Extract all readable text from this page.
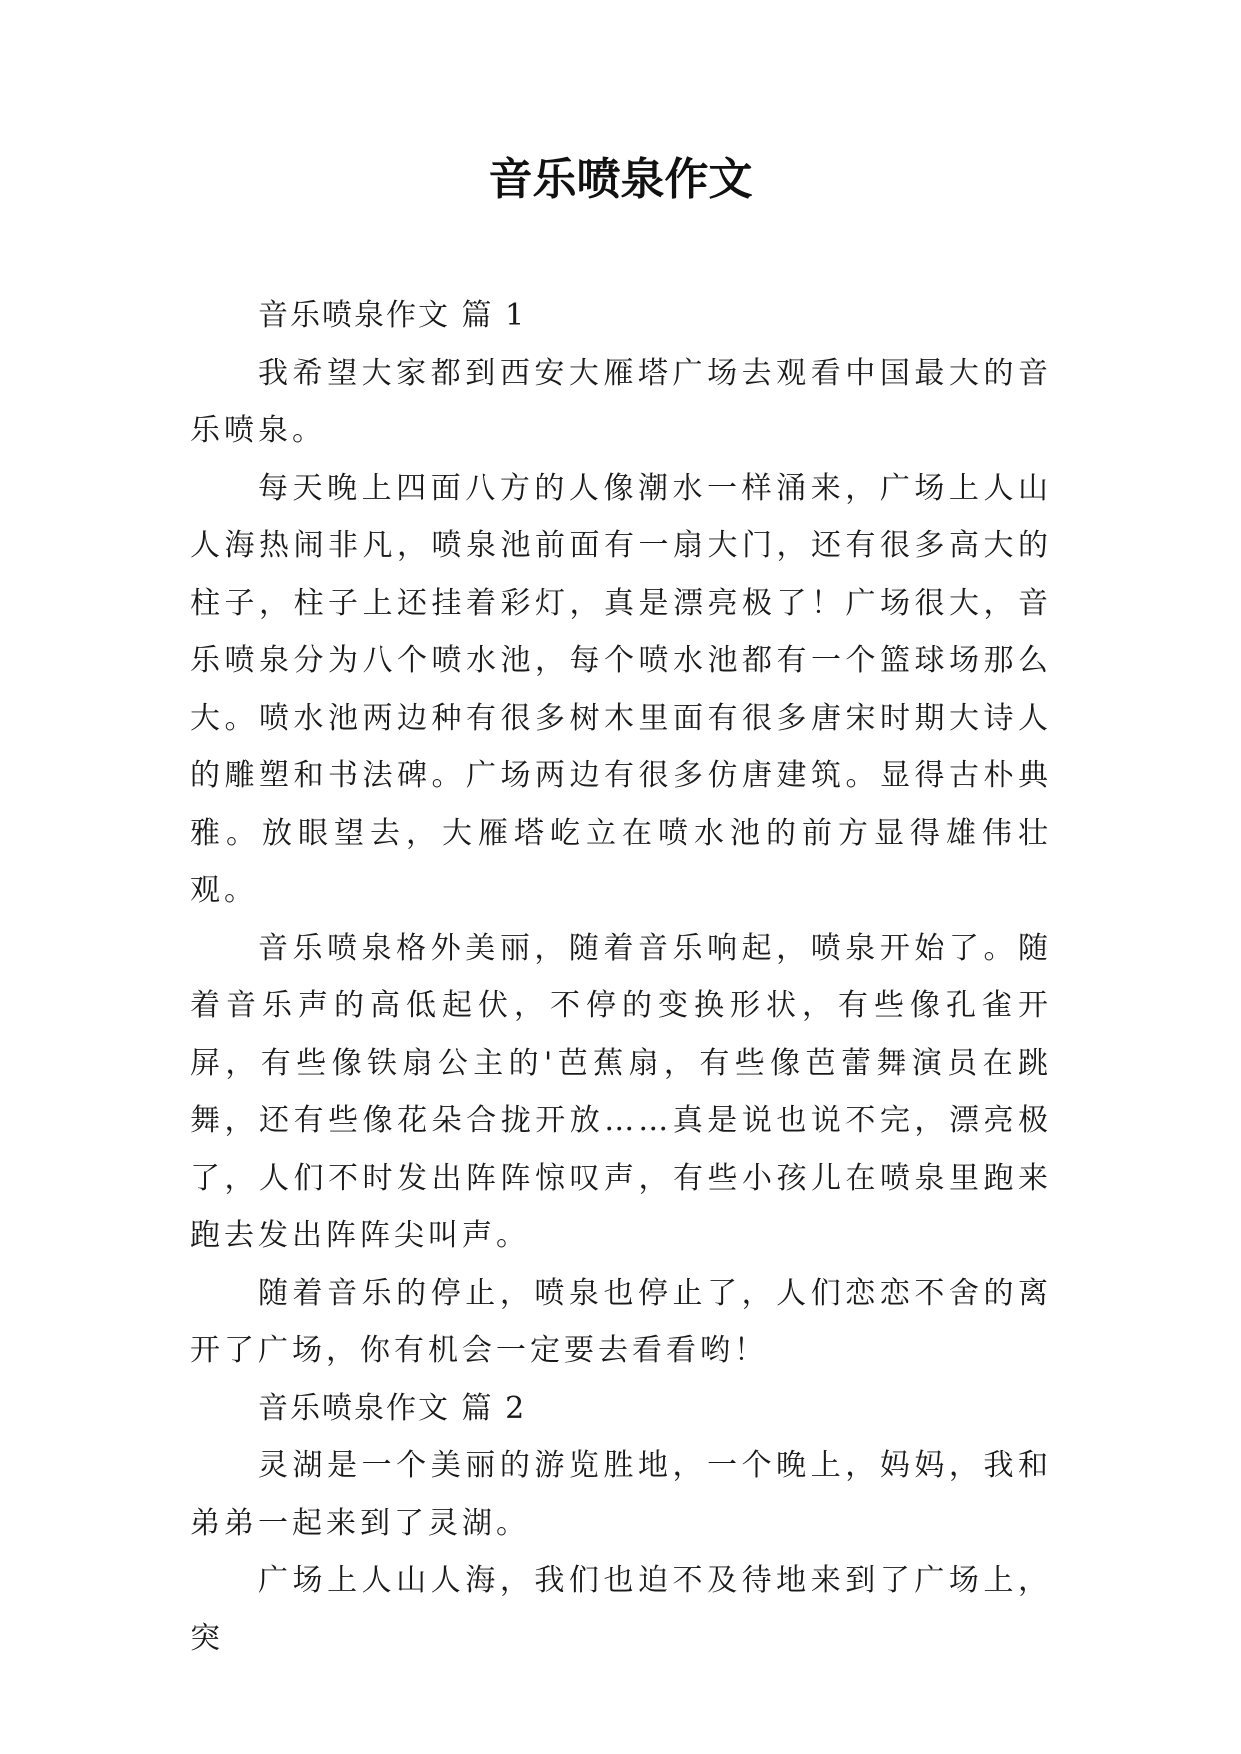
音乐喷泉作文

音乐喷泉作文 篇 1

我希望大家都到西安大雁塔广场去观看中国最大的音乐喷泉。

每天晚上四面八方的人像潮水一样涌来，广场上人山人海热闹非凡，喷泉池前面有一扇大门，还有很多高大的柱子，柱子上还挂着彩灯，真是漂亮极了！广场很大，音乐喷泉分为八个喷水池，每个喷水池都有一个篮球场那么大。喷水池两边种有很多树木里面有很多唐宋时期大诗人的雕塑和书法碑。广场两边有很多仿唐建筑。显得古朴典雅。放眼望去，大雁塔屹立在喷水池的前方显得雄伟壮观。

音乐喷泉格外美丽，随着音乐响起，喷泉开始了。随着音乐声的高低起伏，不停的变换形状，有些像孔雀开屏，有些像铁扇公主的'芭蕉扇，有些像芭蕾舞演员在跳舞，还有些像花朵合拢开放……真是说也说不完，漂亮极了，人们不时发出阵阵惊叹声，有些小孩儿在喷泉里跑来跑去发出阵阵尖叫声。

随着音乐的停止，喷泉也停止了，人们恋恋不舍的离开了广场，你有机会一定要去看看哟！

音乐喷泉作文 篇 2

灵湖是一个美丽的游览胜地，一个晚上，妈妈，我和弟弟一起来到了灵湖。

广场上人山人海，我们也迫不及待地来到了广场上，突
